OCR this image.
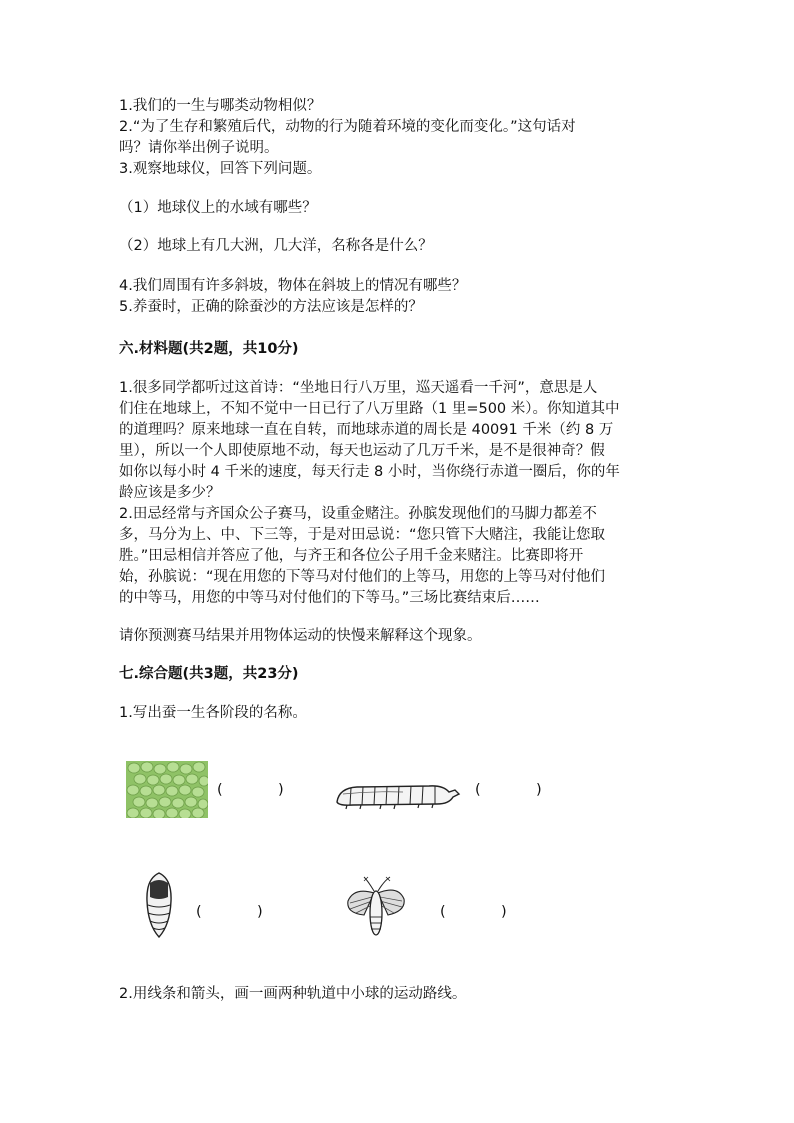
1.我们的一生与哪类动物相似？
2.“为了生存和繁殖后代，动物的行为随着环境的变化而变化。”这句话对
吗？请你举出例子说明。
3.观察地球仪，回答下列问题。
（1）地球仪上的水域有哪些？
（2）地球上有几大洲，几大洋，名称各是什么？
4.我们周围有许多斜坡，物体在斜坡上的情况有哪些？
5.养蚕时，正确的除蚕沙的方法应该是怎样的？
六.材料题(共2题，共10分)
1.很多同学都听过这首诗：“坐地日行八万里，巡天遥看一千河”，意思是人
们住在地球上，不知不觉中一日已行了八万里路（1 里=500 米）。你知道其中
的道理吗？原来地球一直在自转，而地球赤道的周长是 40091 千米（约 8 万
里），所以一个人即使原地不动，每天也运动了几万千米，是不是很神奇？假
如你以每小时 4 千米的速度，每天行走 8 小时，当你绕行赤道一圈后，你的年
龄应该是多少？
2.田忌经常与齐国众公子赛马，设重金赌注。孙膑发现他们的马脚力都差不
多，马分为上、中、下三等，于是对田忌说：“您只管下大赌注，我能让您取
胜。”田忌相信并答应了他，与齐王和各位公子用千金来赌注。比赛即将开
始，孙膑说：“现在用您的下等马对付他们的上等马，用您的上等马对付他们
的中等马，用您的中等马对付他们的下等马。”三场比赛结束后……
请你预测赛马结果并用物体运动的快慢来解释这个现象。
七.综合题(共3题，共23分)
1.写出蚕一生各阶段的名称。
(            )	(            )
(            )	(            )
2.用线条和箭头，画一画两种轨道中小球的运动路线。
